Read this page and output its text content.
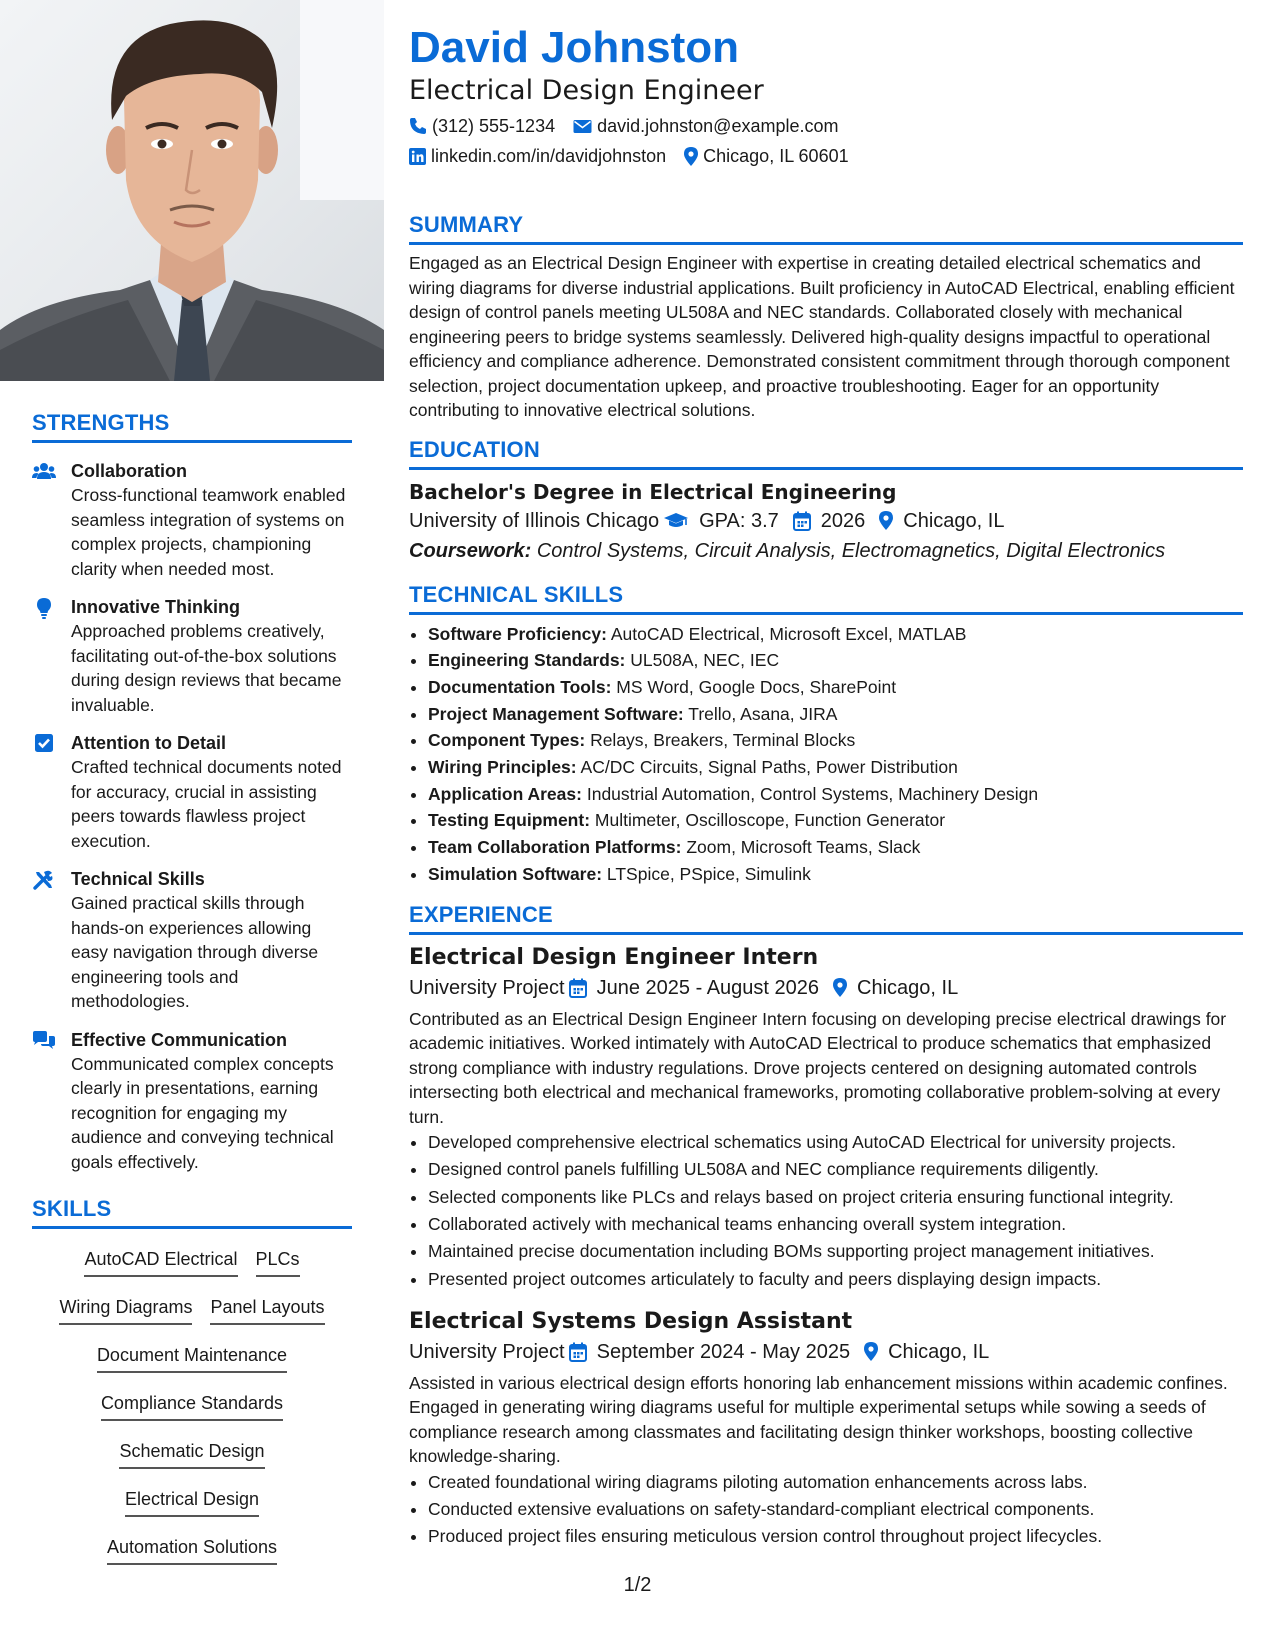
STRENGTHS
Collaboration
Cross-functional teamwork enabled seamless integration of systems on complex projects, championing clarity when needed most.
Innovative Thinking
Approached problems creatively, facilitating out-of-the-box solutions during design reviews that became invaluable.
Attention to Detail
Crafted technical documents noted for accuracy, crucial in assisting peers towards flawless project execution.
Technical Skills
Gained practical skills through hands-on experiences allowing easy navigation through diverse engineering tools and methodologies.
Effective Communication
Communicated complex concepts clearly in presentations, earning recognition for engaging my audience and conveying technical goals effectively.
SKILLS
AutoCAD Electrical PLCs
Wiring Diagrams Panel Layouts
Document Maintenance
Compliance Standards
Schematic Design
Electrical Design
Automation Solutions
David Johnston
Electrical Design Engineer
(312) 555-1234 david.johnston@example.com
linkedin.com/in/davidjohnston Chicago, IL 60601
SUMMARY

Engaged as an Electrical Design Engineer with expertise in creating detailed electrical schematics and wiring diagrams for diverse industrial applications. Built proficiency in AutoCAD Electrical, enabling efficient design of control panels meeting UL508A and NEC standards. Collaborated closely with mechanical engineering peers to bridge systems seamlessly. Delivered high-quality designs impactful to operational efficiency and compliance adherence. Demonstrated consistent commitment through thorough component selection, project documentation upkeep, and proactive troubleshooting. Eager for an opportunity contributing to innovative electrical solutions.

EDUCATION
Bachelor's Degree in Electrical Engineering
University of Illinois Chicago GPA: 3.7 2026 Chicago, IL
Coursework: Control Systems, Circuit Analysis, Electromagnetics, Digital Electronics
TECHNICAL SKILLS
• Software Proficiency: AutoCAD Electrical, Microsoft Excel, MATLAB
• Engineering Standards: UL508A, NEC, IEC
• Documentation Tools: MS Word, Google Docs, SharePoint
• Project Management Software: Trello, Asana, JIRA
• Component Types: Relays, Breakers, Terminal Blocks
• Wiring Principles: AC/DC Circuits, Signal Paths, Power Distribution
• Application Areas: Industrial Automation, Control Systems, Machinery Design
• Testing Equipment: Multimeter, Oscilloscope, Function Generator
• Team Collaboration Platforms: Zoom, Microsoft Teams, Slack
• Simulation Software: LTSpice, PSpice, Simulink
EXPERIENCE
Electrical Design Engineer Intern
University Project June 2025 - August 2026 Chicago, IL

Contributed as an Electrical Design Engineer Intern focusing on developing precise electrical drawings for academic initiatives. Worked intimately with AutoCAD Electrical to produce schematics that emphasized strong compliance with industry regulations. Drove projects centered on designing automated controls intersecting both electrical and mechanical frameworks, promoting collaborative problem-solving at every turn.

• Developed comprehensive electrical schematics using AutoCAD Electrical for university projects.
• Designed control panels fulfilling UL508A and NEC compliance requirements diligently.
• Selected components like PLCs and relays based on project criteria ensuring functional integrity.
• Collaborated actively with mechanical teams enhancing overall system integration.
• Maintained precise documentation including BOMs supporting project management initiatives.
• Presented project outcomes articulately to faculty and peers displaying design impacts.
Electrical Systems Design Assistant
University Project September 2024 - May 2025 Chicago, IL

Assisted in various electrical design efforts honoring lab enhancement missions within academic confines. Engaged in generating wiring diagrams useful for multiple experimental setups while sowing a seeds of compliance research among classmates and facilitating design thinker workshops, boosting collective knowledge-sharing.

• Created foundational wiring diagrams piloting automation enhancements across labs.
• Conducted extensive evaluations on safety-standard-compliant electrical components.
• Produced project files ensuring meticulous version control throughout project lifecycles.
1/2
